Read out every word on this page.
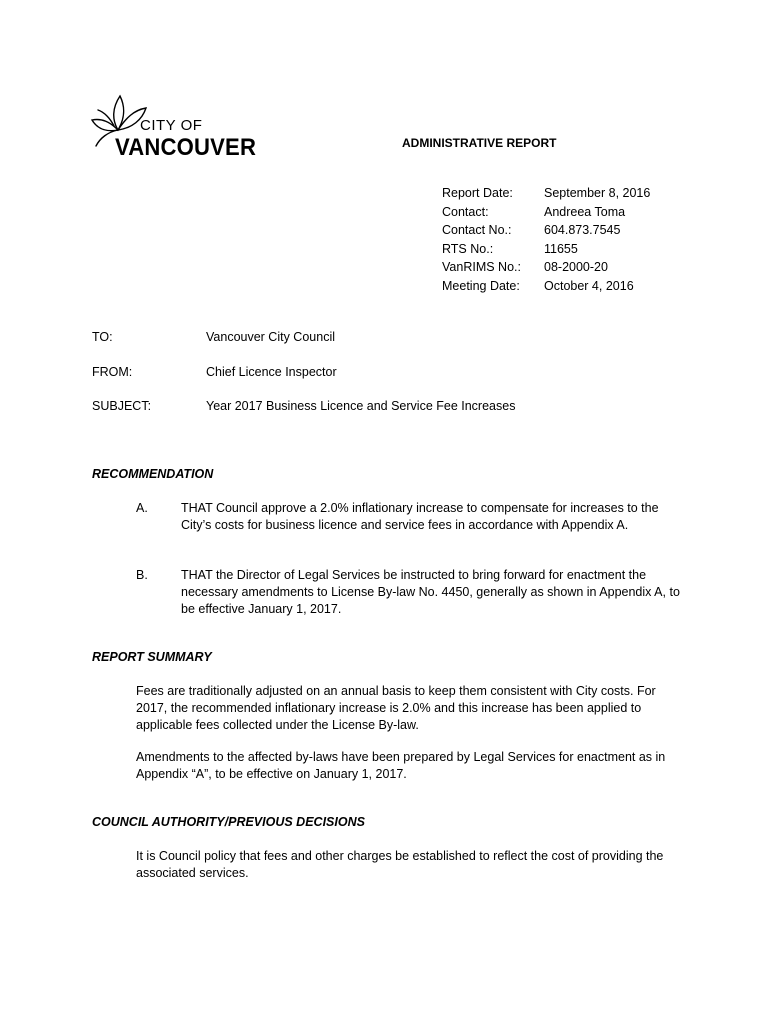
CITY OF
VANCOUVER	ADMINISTRATIVE REPORT
Report Date:	September 8, 2016
Contact:	Andreea Toma
Contact No.:	604.873.7545
RTS No.:	11655
VanRIMS No.:	08-2000-20
Meeting Date:	October 4, 2016
TO:	Vancouver City Council
FROM:	Chief Licence Inspector
SUBJECT:	Year 2017 Business Licence and Service Fee Increases
RECOMMENDATION
A.	THAT Council approve a 2.0% inflationary increase to compensate for increases to the City’s costs for business licence and service fees in accordance with Appendix A.
B.	THAT the Director of Legal Services be instructed to bring forward for enactment the necessary amendments to License By-law No. 4450, generally as shown in Appendix A, to be effective January 1, 2017.
REPORT SUMMARY
Fees are traditionally adjusted on an annual basis to keep them consistent with City costs. For 2017, the recommended inflationary increase is 2.0% and this increase has been applied to applicable fees collected under the License By-law.
Amendments to the affected by-laws have been prepared by Legal Services for enactment as in Appendix “A”, to be effective on January 1, 2017.
COUNCIL AUTHORITY/PREVIOUS DECISIONS
It is Council policy that fees and other charges be established to reflect the cost of providing the associated services.
